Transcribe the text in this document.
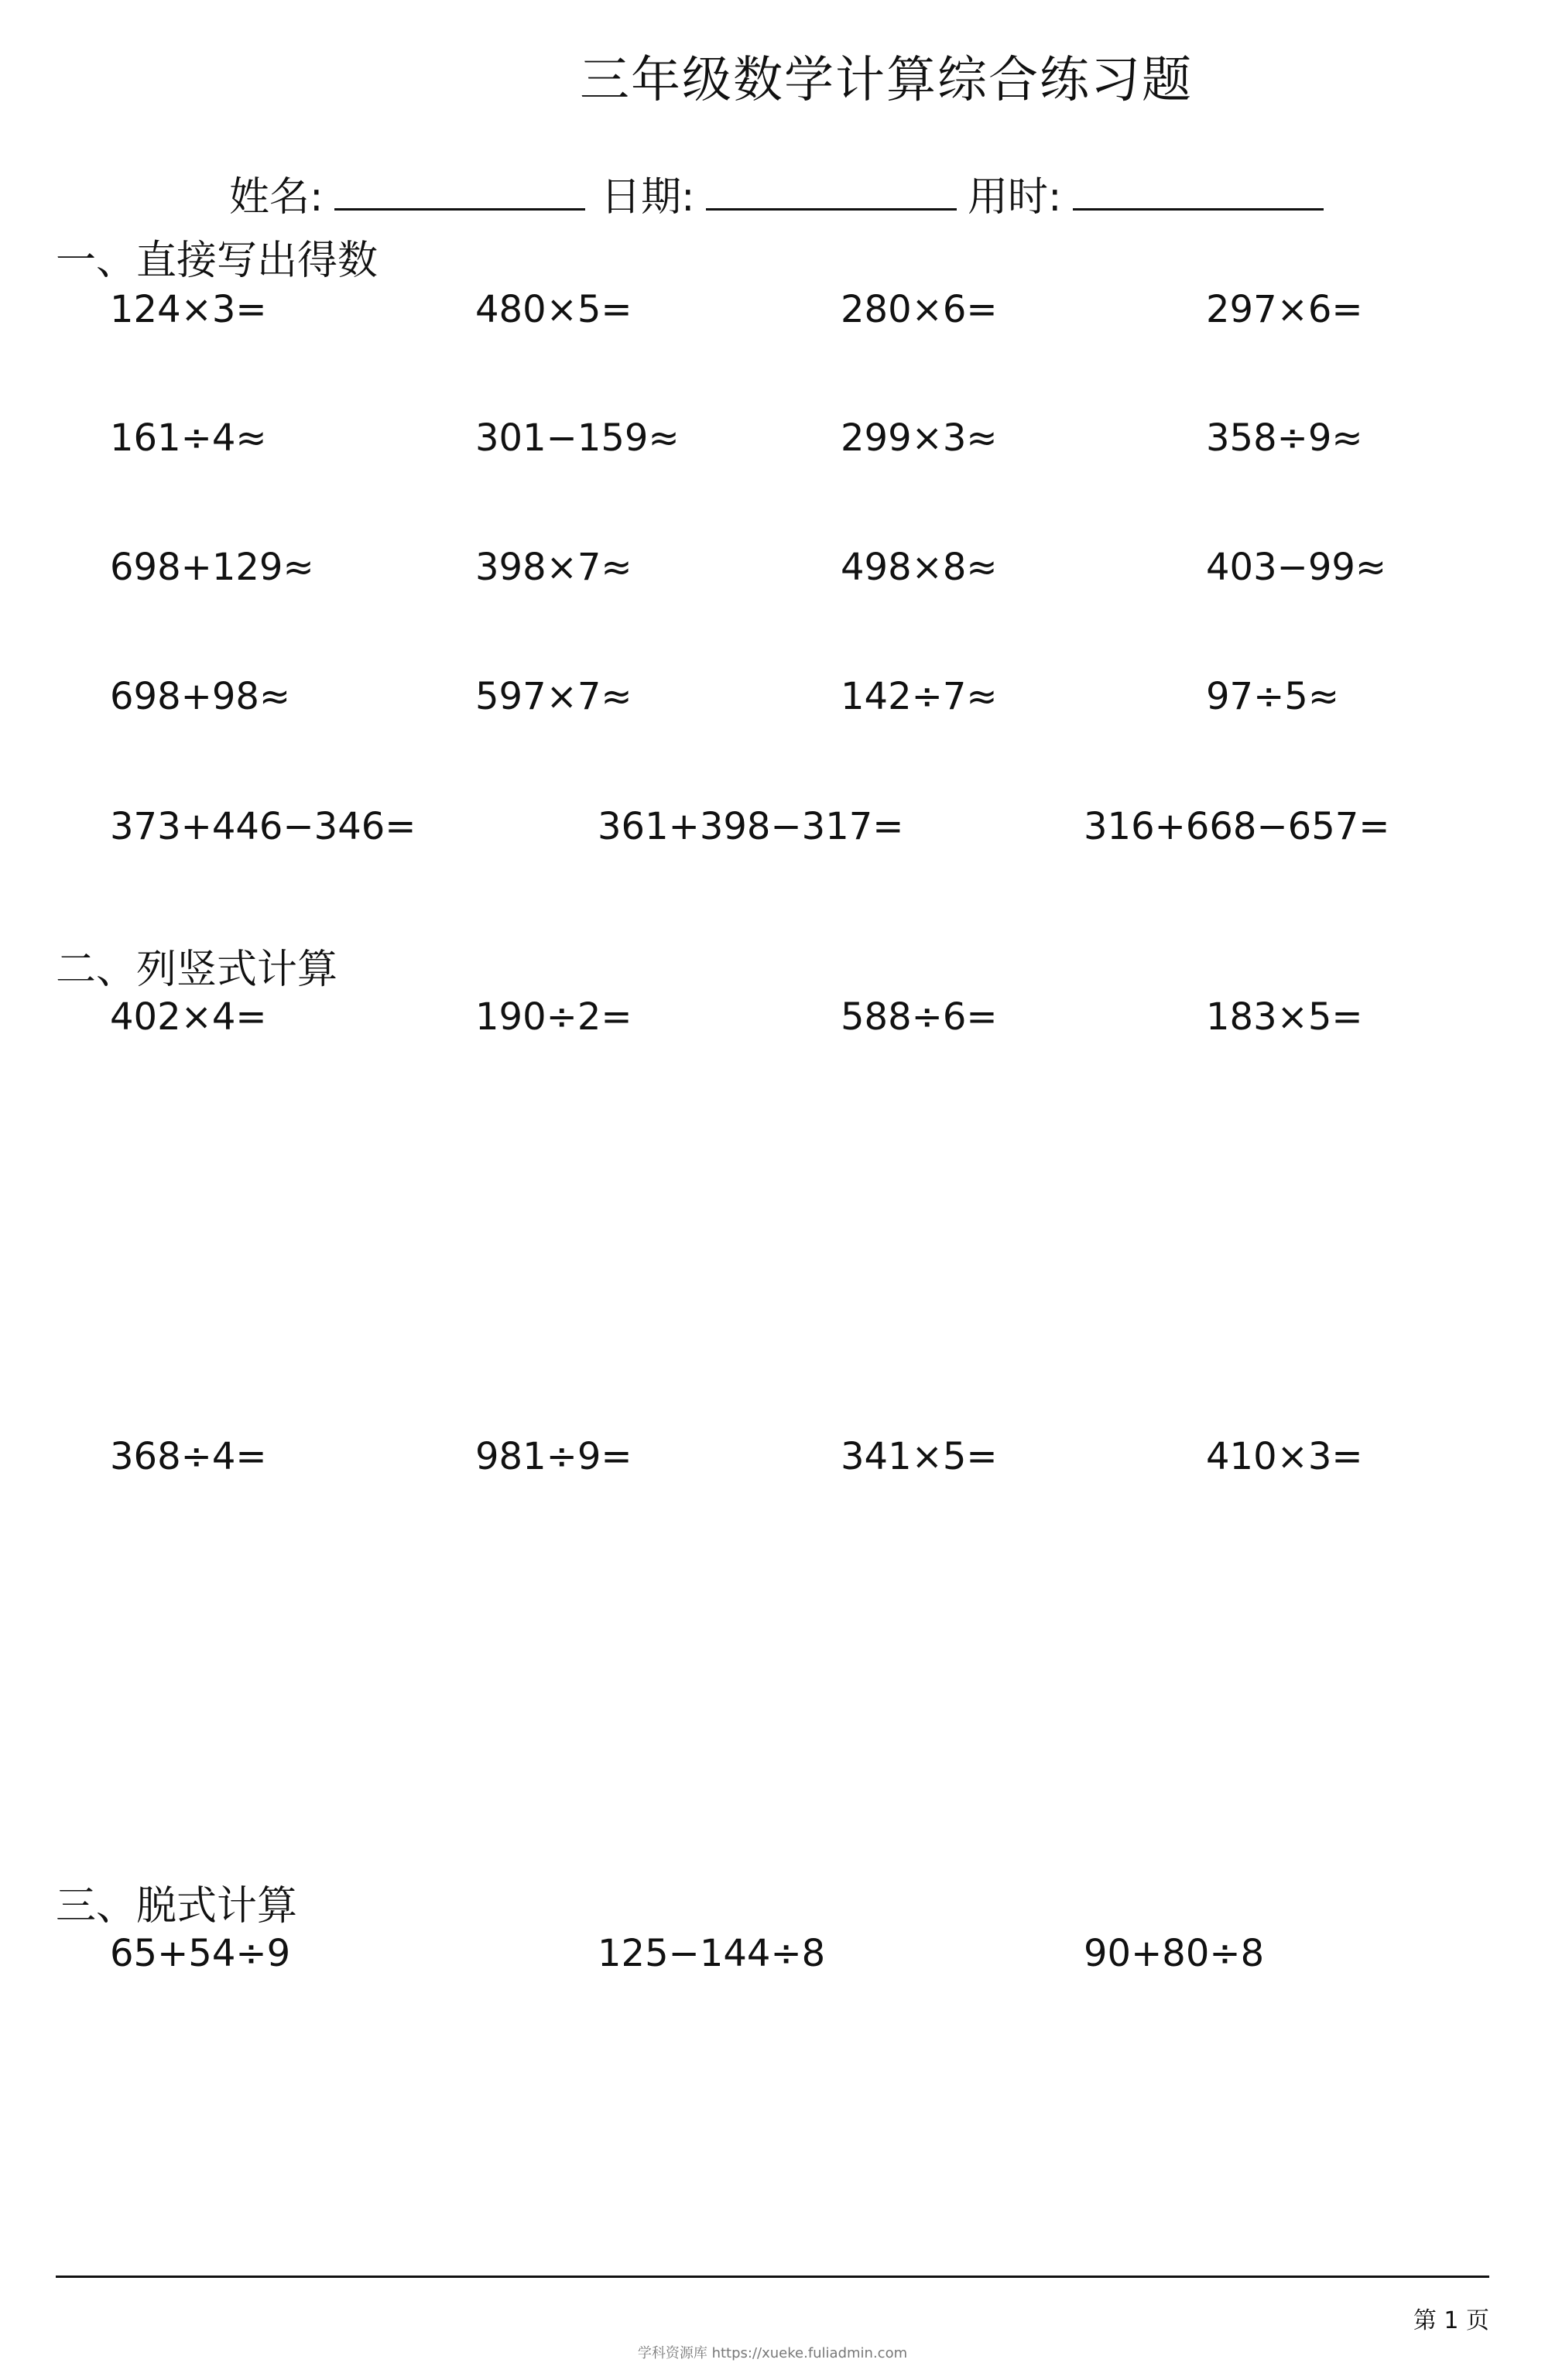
三年级数学计算综合练习题
姓名:	日期:	用时:
一、直接写出得数
124×3=	480×5=	280×6=	297×6=
161÷4≈	301−159≈	299×3≈	358÷9≈
698+129≈	398×7≈	498×8≈	403−99≈
698+98≈	597×7≈	142÷7≈	97÷5≈
373+446−346=	361+398−317=	316+668−657=
二、列竖式计算
402×4=	190÷2=	588÷6=	183×5=
368÷4=	981÷9=	341×5=	410×3=
三、脱式计算
65+54÷9	125−144÷8	90+80÷8
第 1 页
学科资源库 https://xueke.fuliadmin.com
